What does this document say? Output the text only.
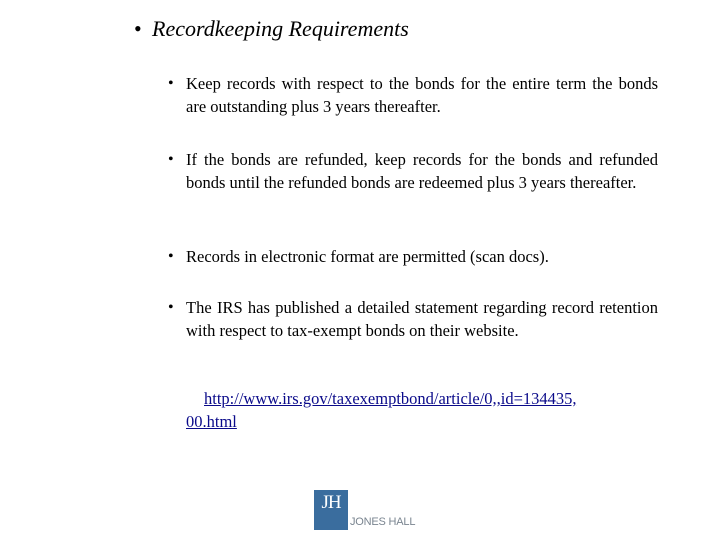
• Recordkeeping Requirements
• Keep records with respect to the bonds for the entire term the bonds are outstanding plus 3 years thereafter.
• If the bonds are refunded, keep records for the bonds and refunded bonds until the refunded bonds are redeemed plus 3 years thereafter.
• Records in electronic format are permitted (scan docs).
• The IRS has published a detailed statement regarding record retention with respect to tax-exempt bonds on their website.
http://www.irs.gov/taxexemptbond/article/0,,id=134435,
00.html
JH
JONES HALL
